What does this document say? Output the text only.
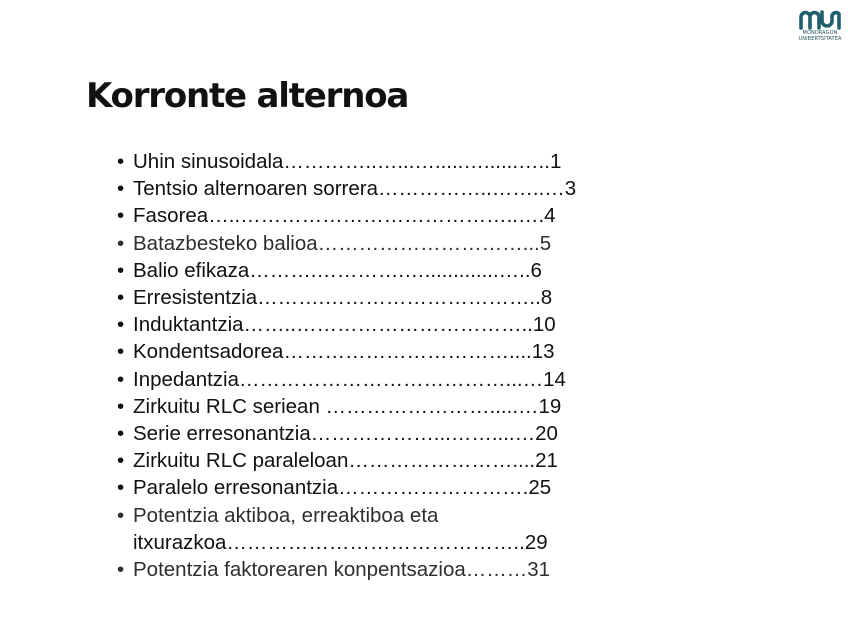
MONDRAGON
UNIBERTSITATEA
Korronte alternoa
• Uhin sinusoidala…………..…...….....…......…..1
• Tentsio alternoaren sorrera……………..……..…3
• Fasorea…..…………………………………..….4
• Batazbesteko balioa…………………………...5
• Balio efikaza……….………….….............…..6
• Erresistentzia……….…………………………..8
• Induktantzia……..……………………………..10
• Kondentsadorea……………………………....13
• Inpedantzia…………………………………...…14
• Zirkuitu RLC seriean …………………….....…19
• Serie erresonantzia………………...……....…20
• Zirkuitu RLC paraleloan……………………....21
• Paralelo erresonantzia……………………….25
• Potentzia aktiboa, erreaktiboa eta
itxurazkoa……………………………………..29
• Potentzia faktorearen konpentsazioa………31
